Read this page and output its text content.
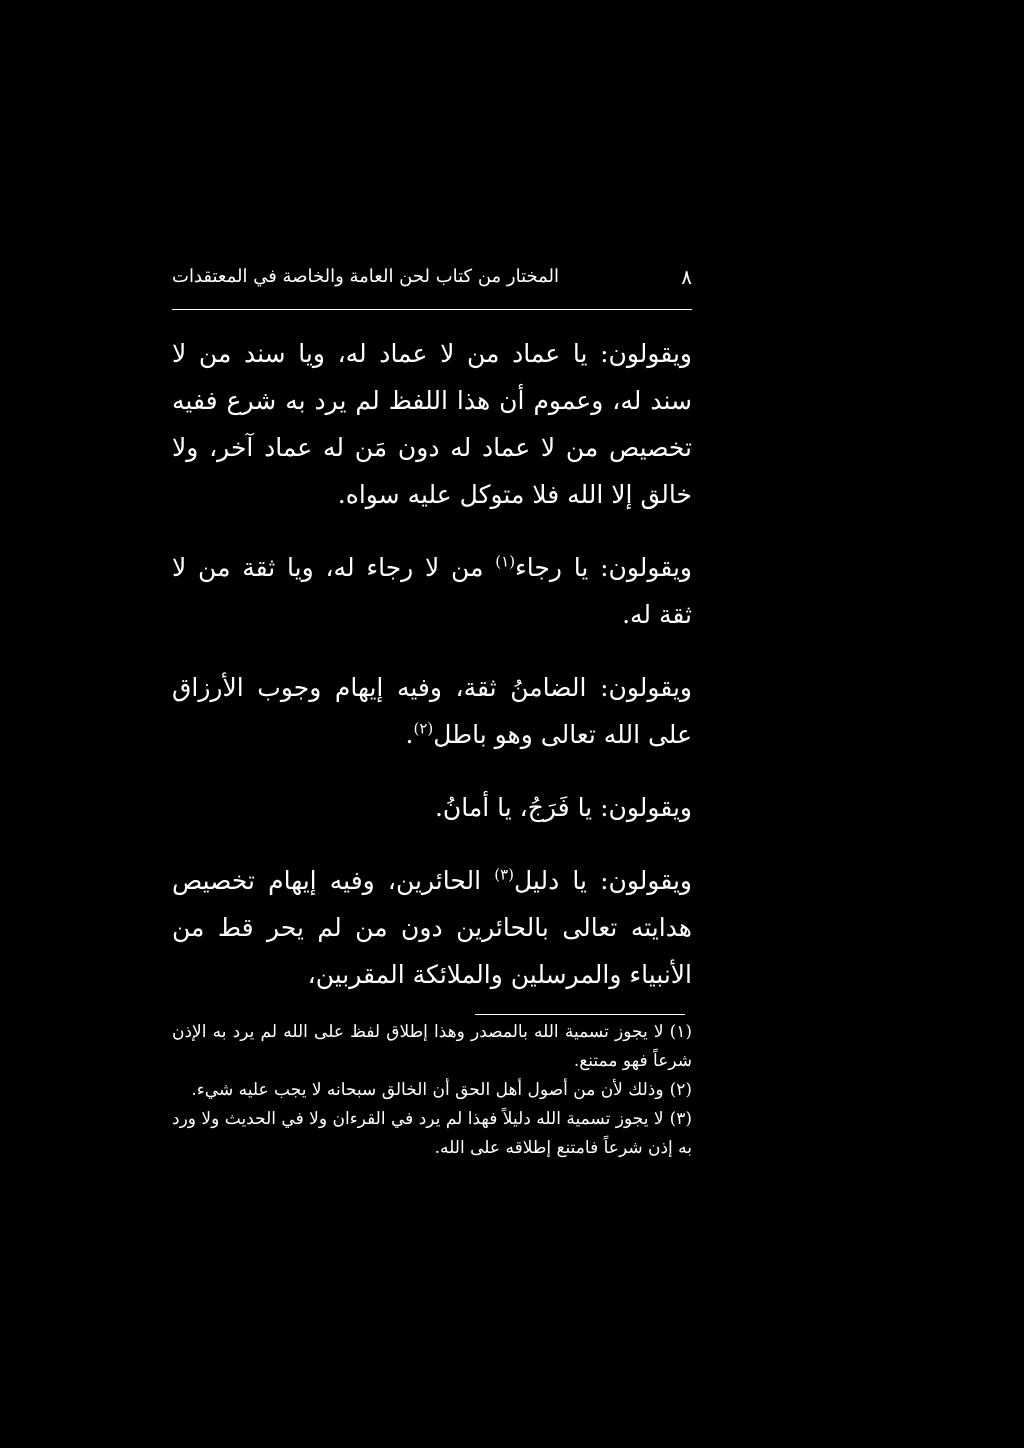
٨
المختار من كتاب لحن العامة والخاصة في المعتقدات

ويقولون: يا عماد من لا عماد له، ويا سند من لا سند له، وعموم أن هذا اللفظ لم يرد به شرع ففيه تخصيص من لا عماد له دون مَن له عماد آخر، ولا خالق إلا الله فلا متوكل عليه سواه.

ويقولون: يا رجاء$^{(١)}$ من لا رجاء له، ويا ثقة من لا ثقة له.

ويقولون: الضامنُ ثقة، وفيه إيهام وجوب الأرزاق على الله تعالى وهو باطل$^{(٢)}$.

ويقولون: يا فَرَجُ، يا أمانُ.

ويقولون: يا دليل$^{(٣)}$ الحائرين، وفيه إيهام تخصيص هدايته تعالى بالحائرين دون من لم يحر قط من الأنبياء والمرسلين والملائكة المقربين،

(١)لا يجوز تسمية الله بالمصدر وهذا إطلاق لفظ على الله لم يرد به الإذن شرعاً فهو ممتنع.

(٢)وذلك لأن من أصول أهل الحق أن الخالق سبحانه لا يجب عليه شيء.

(٣)لا يجوز تسمية الله دليلاً فهذا لم يرد في القرءان ولا في الحديث ولا ورد به إذن شرعاً فامتنع إطلاقه على الله.
